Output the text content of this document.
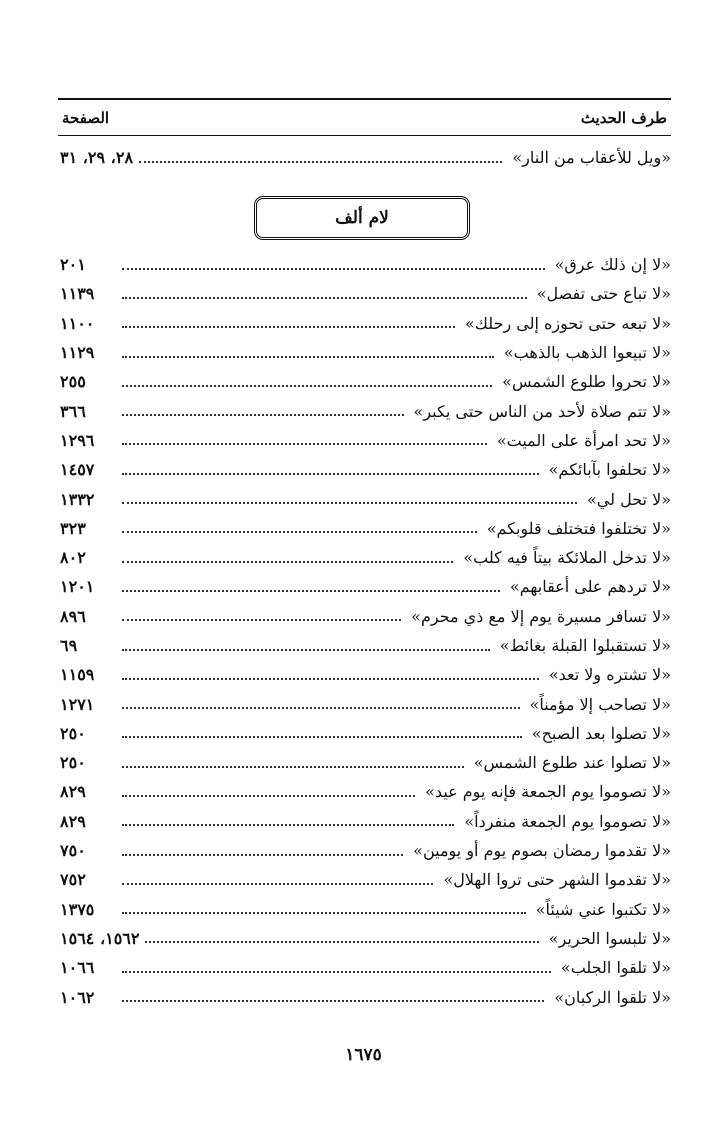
طرف الحديث
الصفحة
«ويل للأعقاب من النار»
٢٨، ٢٩، ٣١
لام ألف
«لا إن ذلك عرق»
٢٠١
«لا تباع حتى تفصل»
١١٣٩
«لا تبعه حتى تحوزه إلى رحلك»
١١٠٠
«لا تبيعوا الذهب بالذهب»
١١٢٩
«لا تحروا طلوع الشمس»
٢٥٥
«لا تتم صلاة لأحد من الناس حتى يكبر»
٣٦٦
«لا تحد امرأة على الميت»
١٢٩٦
«لا تحلفوا بآبائكم»
١٤٥٧
«لا تحل لي»
١٣٣٢
«لا تختلفوا فتختلف قلوبكم»
٣٢٣
«لا تدخل الملائكة بيتاً فيه كلب»
٨٠٢
«لا تردهم على أعقابهم»
١٢٠١
«لا تسافر مسيرة يوم إلا مع ذي محرم»
٨٩٦
«لا تستقبلوا القبلة بغائط»
٦٩
«لا تشتره ولا تعد»
١١٥٩
«لا تصاحب إلا مؤمناً»
١٢٧١
«لا تصلوا بعد الصبح»
٢٥٠
«لا تصلوا عند طلوع الشمس»
٢٥٠
«لا تصوموا يوم الجمعة فإنه يوم عيد»
٨٢٩
«لا تصوموا يوم الجمعة منفرداً»
٨٢٩
«لا تقدموا رمضان بصوم يوم أو يومين»
٧٥٠
«لا تقدموا الشهر حتى تروا الهلال»
٧٥٢
«لا تكتبوا عني شيئاً»
١٣٧٥
«لا تلبسوا الحرير»
١٥٦٢، ١٥٦٤
«لا تلقوا الجلب»
١٠٦٦
«لا تلقوا الركبان»
١٠٦٢
١٦٧٥
